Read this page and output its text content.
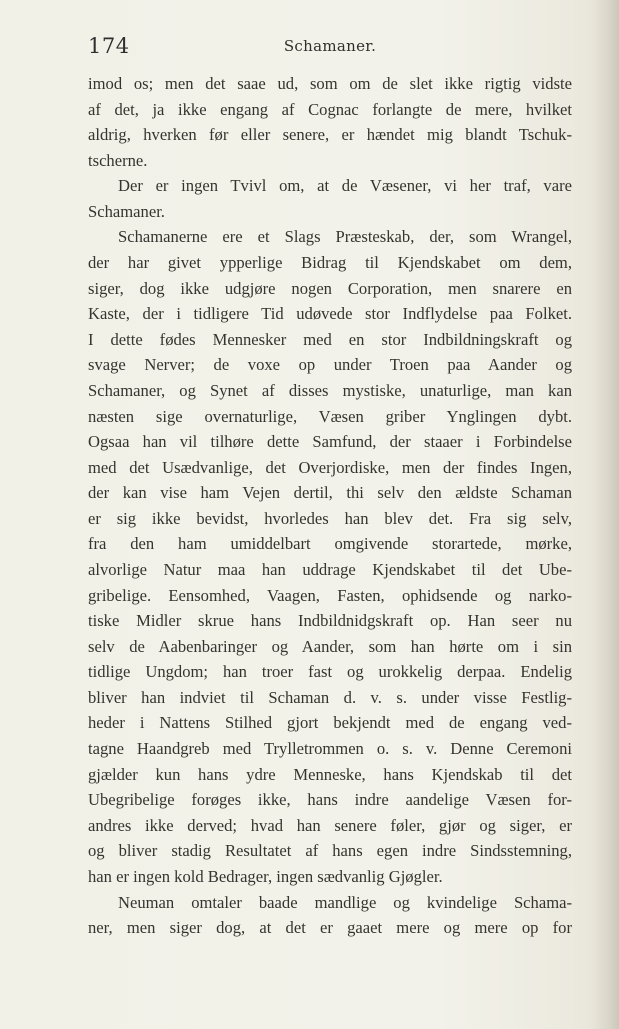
174	Schamaner.
imod os; men det saae ud, som om de slet ikke rigtig vidste
af det, ja ikke engang af Cognac forlangte de mere, hvilket
aldrig, hverken før eller senere, er hændet mig blandt Tschuk-
tscherne.
Der er ingen Tvivl om, at de Væsener, vi her traf, vare
Schamaner.
Schamanerne ere et Slags Præsteskab, der, som Wrangel,
der har givet ypperlige Bidrag til Kjendskabet om dem,
siger, dog ikke udgjøre nogen Corporation, men snarere en
Kaste, der i tidligere Tid udøvede stor Indflydelse paa Folket.
I dette fødes Mennesker med en stor Indbildningskraft og
svage Nerver; de voxe op under Troen paa Aander og
Schamaner, og Synet af disses mystiske, unaturlige, man kan
næsten sige overnaturlige, Væsen griber Ynglingen dybt.
Ogsaa han vil tilhøre dette Samfund, der staaer i Forbindelse
med det Usædvanlige, det Overjordiske, men der findes Ingen,
der kan vise ham Vejen dertil, thi selv den ældste Schaman
er sig ikke bevidst, hvorledes han blev det. Fra sig selv,
fra den ham umiddelbart omgivende storartede, mørke,
alvorlige Natur maa han uddrage Kjendskabet til det Ube-
gribelige. Eensomhed, Vaagen, Fasten, ophidsende og narko-
tiske Midler skrue hans Indbildnidgskraft op. Han seer nu
selv de Aabenbaringer og Aander, som han hørte om i sin
tidlige Ungdom; han troer fast og urokkelig derpaa. Endelig
bliver han indviet til Schaman d. v. s. under visse Festlig-
heder i Nattens Stilhed gjort bekjendt med de engang ved-
tagne Haandgreb med Trylletrommen o. s. v. Denne Ceremoni
gjælder kun hans ydre Menneske, hans Kjendskab til det
Ubegribelige forøges ikke, hans indre aandelige Væsen for-
andres ikke derved; hvad han senere føler, gjør og siger, er
og bliver stadig Resultatet af hans egen indre Sindsstemning,
han er ingen kold Bedrager, ingen sædvanlig Gjøgler.
Neuman omtaler baade mandlige og kvindelige Schama-
ner, men siger dog, at det er gaaet mere og mere op for
